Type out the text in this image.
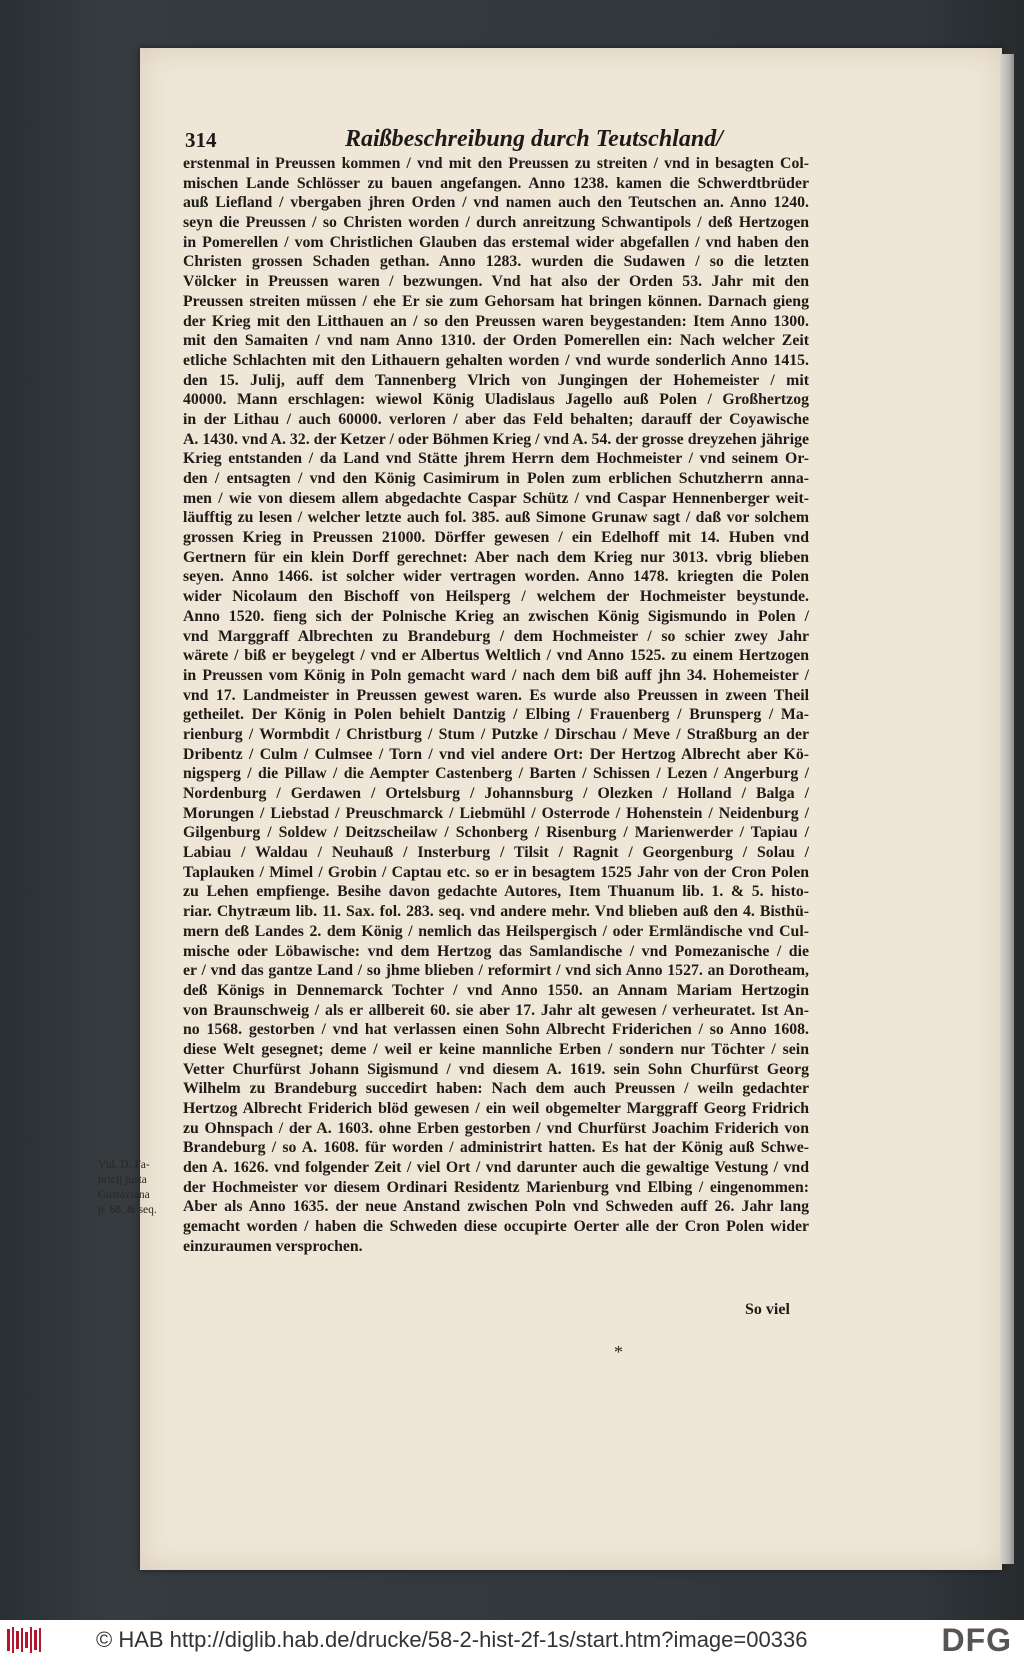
314	Raißbeschreibung durch Teutschland/
Vid. D. Fa-
bricij justa
Gustaviana
p. 68. & seq.
erstenmal in Preussen kommen / vnd mit den Preussen zu streiten / vnd in besagten Col-
mischen Lande Schlösser zu bauen angefangen. Anno 1238. kamen die Schwerdtbrüder
auß Liefland / vbergaben jhren Orden / vnd namen auch den Teutschen an. Anno 1240.
seyn die Preussen / so Christen worden / durch anreitzung Schwantipols / deß Hertzogen
in Pomerellen / vom Christlichen Glauben das erstemal wider abgefallen / vnd haben den
Christen grossen Schaden gethan. Anno 1283. wurden die Sudawen / so die letzten
Völcker in Preussen waren / bezwungen. Vnd hat also der Orden 53. Jahr mit den
Preussen streiten müssen / ehe Er sie zum Gehorsam hat bringen können. Darnach gieng
der Krieg mit den Litthauen an / so den Preussen waren beygestanden: Item Anno 1300.
mit den Samaiten / vnd nam Anno 1310. der Orden Pomerellen ein: Nach welcher Zeit
etliche Schlachten mit den Lithauern gehalten worden / vnd wurde sonderlich Anno 1415.
den 15. Julij, auff dem Tannenberg Vlrich von Jungingen der Hohemeister / mit
40000. Mann erschlagen: wiewol König Uladislaus Jagello auß Polen / Großhertzog
in der Lithau / auch 60000. verloren / aber das Feld behalten; darauff der Coyawische
A. 1430. vnd A. 32. der Ketzer / oder Böhmen Krieg / vnd A. 54. der grosse dreyzehen jährige
Krieg entstanden / da Land vnd Stätte jhrem Herrn dem Hochmeister / vnd seinem Or-
den / entsagten / vnd den König Casimirum in Polen zum erblichen Schutzherrn anna-
men / wie von diesem allem abgedachte Caspar Schütz / vnd Caspar Hennenberger weit-
läufftig zu lesen / welcher letzte auch fol. 385. auß Simone Grunaw sagt / daß vor solchem
grossen Krieg in Preussen 21000. Dörffer gewesen / ein Edelhoff mit 14. Huben vnd
Gertnern für ein klein Dorff gerechnet: Aber nach dem Krieg nur 3013. vbrig blieben
seyen. Anno 1466. ist solcher wider vertragen worden. Anno 1478. kriegten die Polen
wider Nicolaum den Bischoff von Heilsperg / welchem der Hochmeister beystunde.
Anno 1520. fieng sich der Polnische Krieg an zwischen König Sigismundo in Polen /
vnd Marggraff Albrechten zu Brandeburg / dem Hochmeister / so schier zwey Jahr
wärete / biß er beygelegt / vnd er Albertus Weltlich / vnd Anno 1525. zu einem Hertzogen
in Preussen vom König in Poln gemacht ward / nach dem biß auff jhn 34. Hohemeister /
vnd 17. Landmeister in Preussen gewest waren. Es wurde also Preussen in zween Theil
getheilet. Der König in Polen behielt Dantzig / Elbing / Frauenberg / Brunsperg / Ma-
rienburg / Wormbdit / Christburg / Stum / Putzke / Dirschau / Meve / Straßburg an der
Dribentz / Culm / Culmsee / Torn / vnd viel andere Ort: Der Hertzog Albrecht aber Kö-
nigsperg / die Pillaw / die Aempter Castenberg / Barten / Schissen / Lezen / Angerburg /
Nordenburg / Gerdawen / Ortelsburg / Johannsburg / Olezken / Holland / Balga /
Morungen / Liebstad / Preuschmarck / Liebmühl / Osterrode / Hohenstein / Neidenburg /
Gilgenburg / Soldew / Deitzscheilaw / Schonberg / Risenburg / Marienwerder / Tapiau /
Labiau / Waldau / Neuhauß / Insterburg / Tilsit / Ragnit / Georgenburg / Solau /
Taplauken / Mimel / Grobin / Captau etc. so er in besagtem 1525 Jahr von der Cron Polen
zu Lehen empfienge. Besihe davon gedachte Autores, Item Thuanum lib. 1. & 5. histo-
riar. Chytræum lib. 11. Sax. fol. 283. seq. vnd andere mehr. Vnd blieben auß den 4. Bisthü-
mern deß Landes 2. dem König / nemlich das Heilspergisch / oder Ermländische vnd Cul-
mische oder Löbawische: vnd dem Hertzog das Samlandische / vnd Pomezanische / die
er / vnd das gantze Land / so jhme blieben / reformirt / vnd sich Anno 1527. an Dorotheam,
deß Königs in Dennemarck Tochter / vnd Anno 1550. an Annam Mariam Hertzogin
von Braunschweig / als er allbereit 60. sie aber 17. Jahr alt gewesen / verheuratet. Ist An-
no 1568. gestorben / vnd hat verlassen einen Sohn Albrecht Friderichen / so Anno 1608.
diese Welt gesegnet; deme / weil er keine mannliche Erben / sondern nur Töchter / sein
Vetter Churfürst Johann Sigismund / vnd diesem A. 1619. sein Sohn Churfürst Georg
Wilhelm zu Brandeburg succedirt haben: Nach dem auch Preussen / weiln gedachter
Hertzog Albrecht Friderich blöd gewesen / ein weil obgemelter Marggraff Georg Fridrich
zu Ohnspach / der A. 1603. ohne Erben gestorben / vnd Churfürst Joachim Friderich von
Brandeburg / so A. 1608. für worden / administrirt hatten. Es hat der König auß Schwe-
den A. 1626. vnd folgender Zeit / viel Ort / vnd darunter auch die gewaltige Vestung / vnd
der Hochmeister vor diesem Ordinari Residentz Marienburg vnd Elbing / eingenommen:
Aber als Anno 1635. der neue Anstand zwischen Poln vnd Schweden auff 26. Jahr lang
gemacht worden / haben die Schweden diese occupirte Oerter alle der Cron Polen wider
einzuraumen versprochen.
So viel
*
© HAB http://diglib.hab.de/drucke/58-2-hist-2f-1s/start.htm?image=00336	DFG
